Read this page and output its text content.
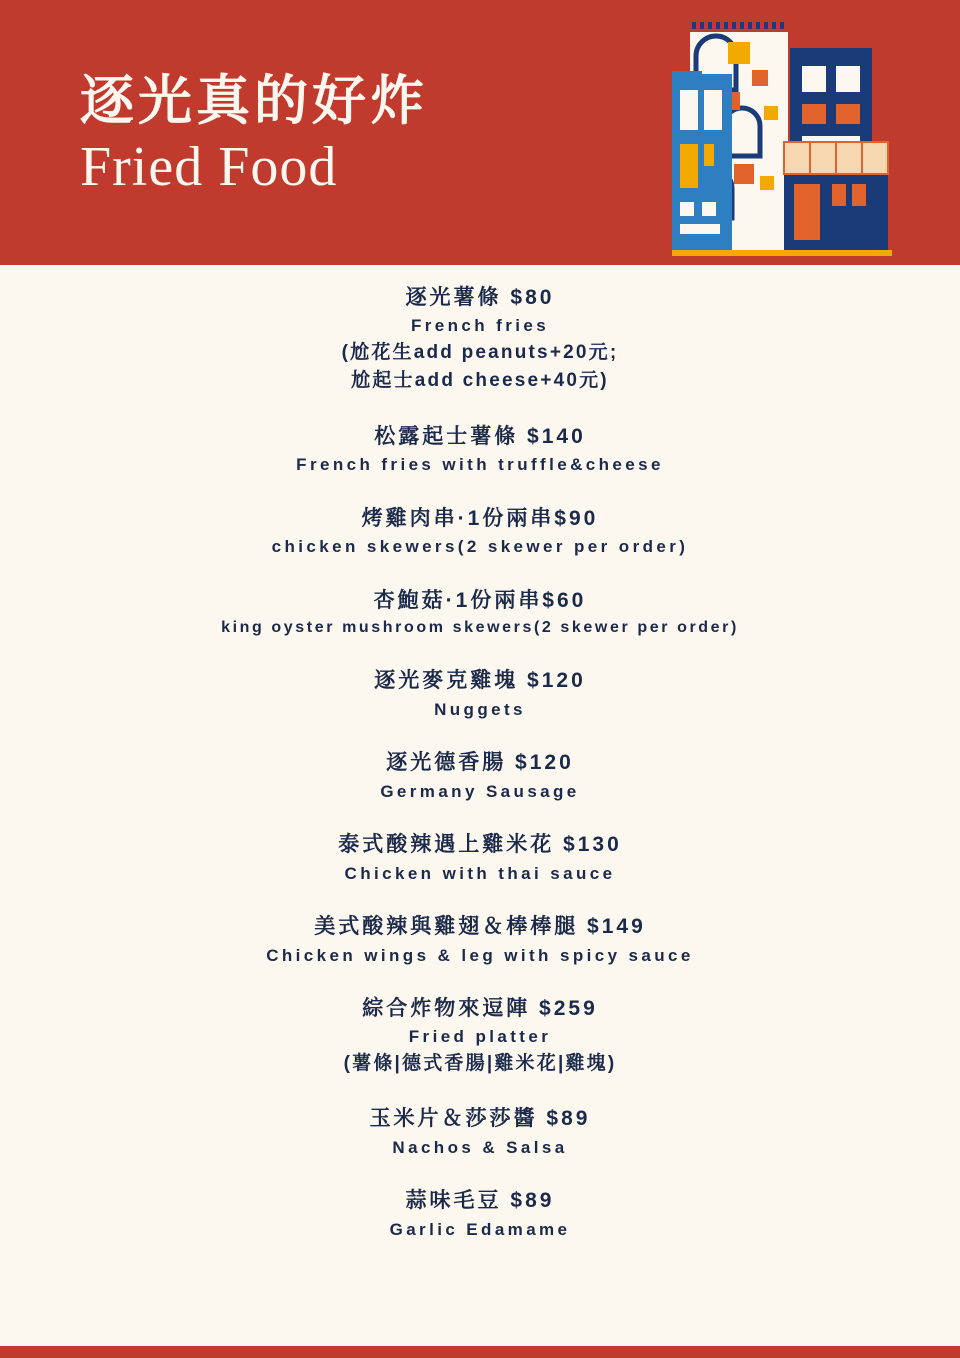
逐光真的好炸
Fried Food
逐光薯條 $80
French fries
(尬花生add peanuts+20元;
尬起士add cheese+40元)
松露起士薯條 $140
French fries with truffle&cheese
烤雞肉串·1份兩串$90
chicken skewers(2 skewer per order)
杏鮑菇·1份兩串$60
king oyster mushroom skewers(2 skewer per order)
逐光麥克雞塊 $120
Nuggets
逐光德香腸 $120
Germany Sausage
泰式酸辣遇上雞米花 $130
Chicken with thai sauce
美式酸辣與雞翅＆棒棒腿 $149
Chicken wings & leg with spicy sauce
綜合炸物來逗陣 $259
Fried platter
(薯條|德式香腸|雞米花|雞塊)
玉米片＆莎莎醬 $89
Nachos & Salsa
蒜味毛豆 $89
Garlic Edamame
